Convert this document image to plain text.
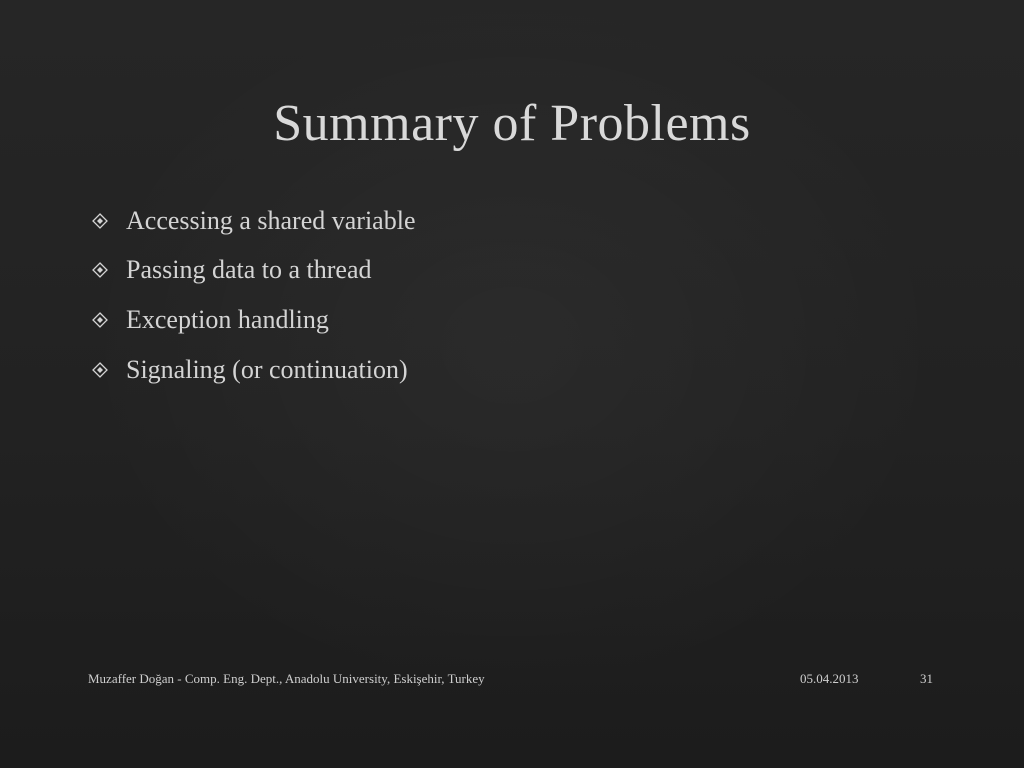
Summary of Problems
Accessing a shared variable
Passing data to a thread
Exception handling
Signaling (or continuation)
Muzaffer Doğan - Comp. Eng. Dept., Anadolu University, Eskişehir, Turkey	05.04.2013	31
